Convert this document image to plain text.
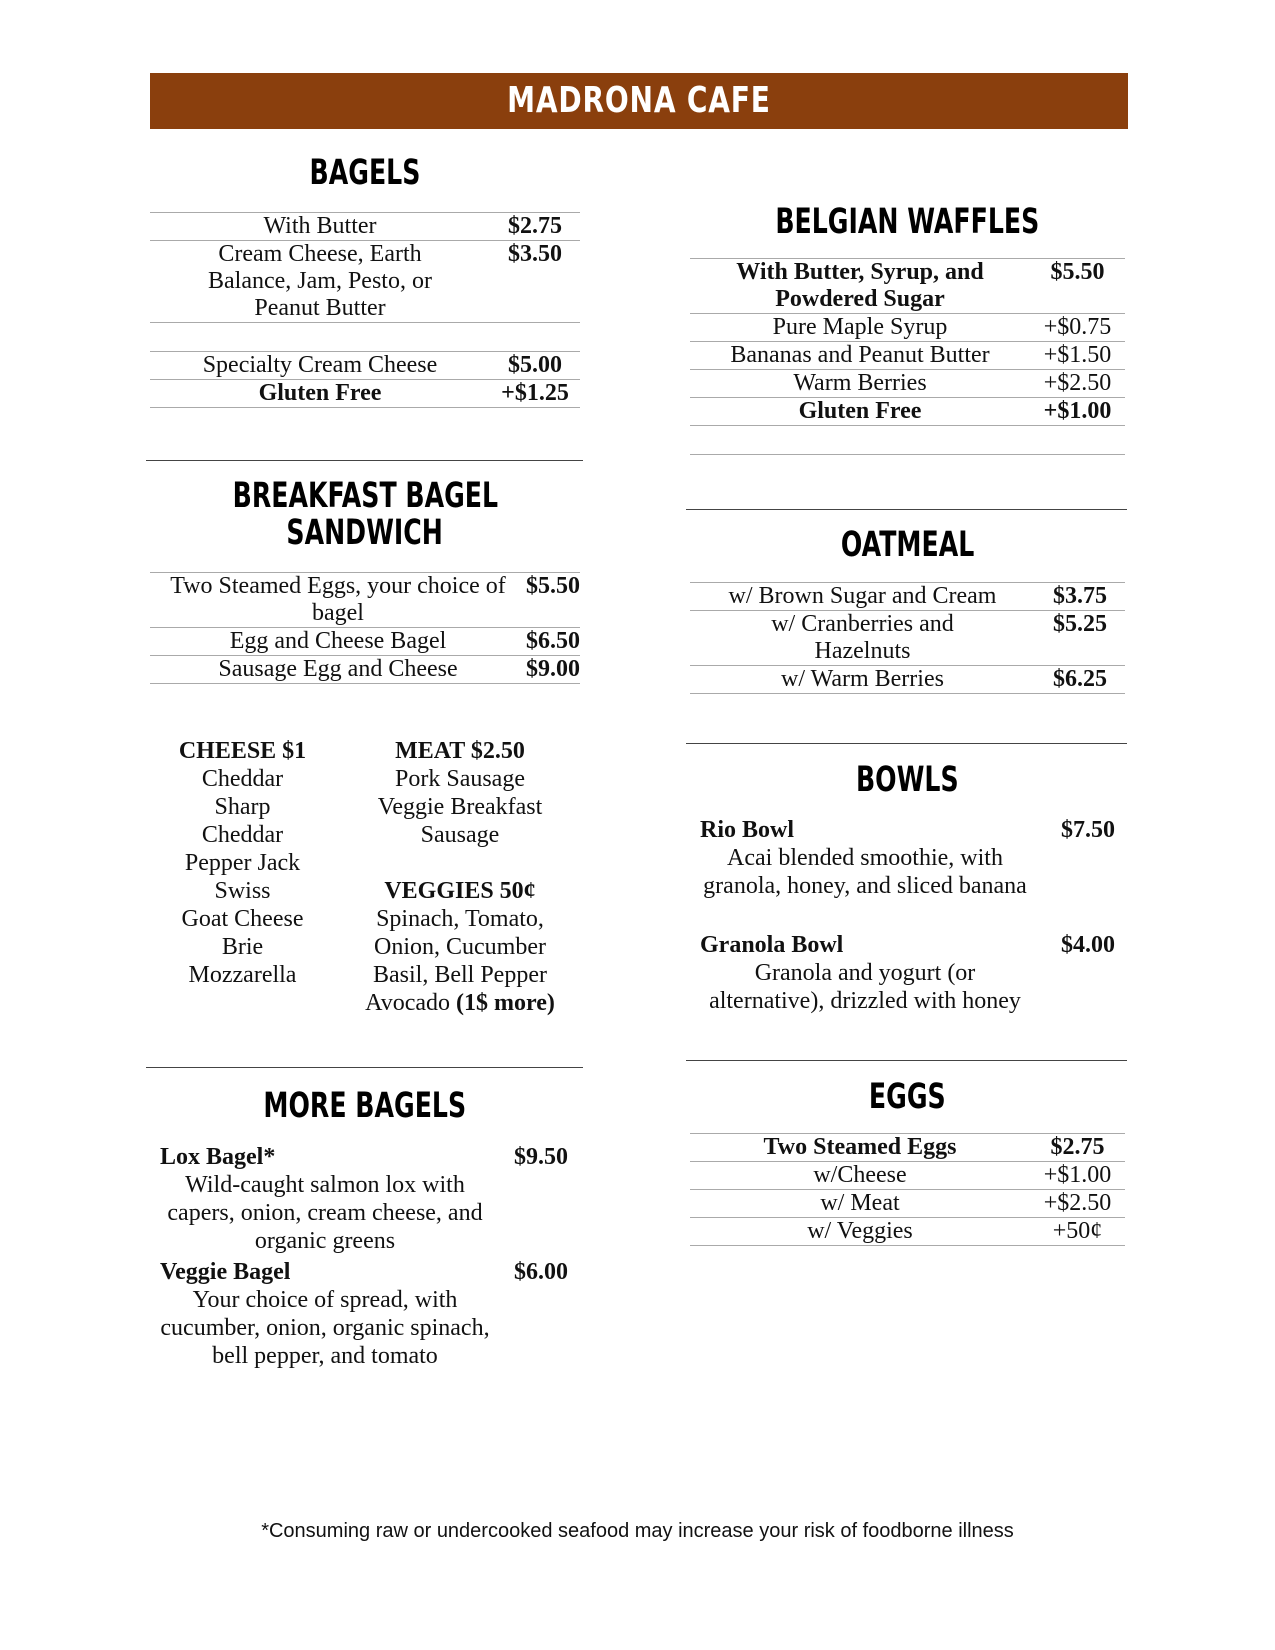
MADRONA CAFE
BAGELS
With Butter	$2.75
Cream Cheese, Earth Balance, Jam, Pesto, or Peanut Butter	$3.50

Specialty Cream Cheese	$5.00
Gluten Free	+$1.25
BREAKFAST BAGEL
SANDWICH
Two Steamed Eggs, your choice of bagel	$5.50
Egg and Cheese Bagel	$6.50
Sausage Egg and Cheese	$9.00
CHEESE $1
Cheddar
Sharp
Cheddar
Pepper Jack
Swiss
Goat Cheese
Brie
Mozzarella
MEAT $2.50
Pork Sausage
Veggie Breakfast
Sausage
VEGGIES 50¢
Spinach, Tomato,
Onion, Cucumber
Basil, Bell Pepper
Avocado (1$ more)
MORE BAGELS
Lox Bagel*	$9.50
Wild-caught salmon lox with capers, onion, cream cheese, and organic greens
Veggie Bagel	$6.00
Your choice of spread, with cucumber, onion, organic spinach, bell pepper, and tomato
BELGIAN WAFFLES
With Butter, Syrup, and Powdered Sugar	$5.50
Pure Maple Syrup	+$0.75
Bananas and Peanut Butter	+$1.50
Warm Berries	+$2.50
Gluten Free	+$1.00

OATMEAL
w/ Brown Sugar and Cream	$3.75
w/ Cranberries and Hazelnuts	$5.25
w/ Warm Berries	$6.25
BOWLS
Rio Bowl	$7.50
Acai blended smoothie, with granola, honey, and sliced banana
Granola Bowl	$4.00
Granola and yogurt (or alternative), drizzled with honey
EGGS
Two Steamed Eggs	$2.75
w/Cheese	+$1.00
w/ Meat	+$2.50
w/ Veggies	+50¢
*Consuming raw or undercooked seafood may increase your risk of foodborne illness
